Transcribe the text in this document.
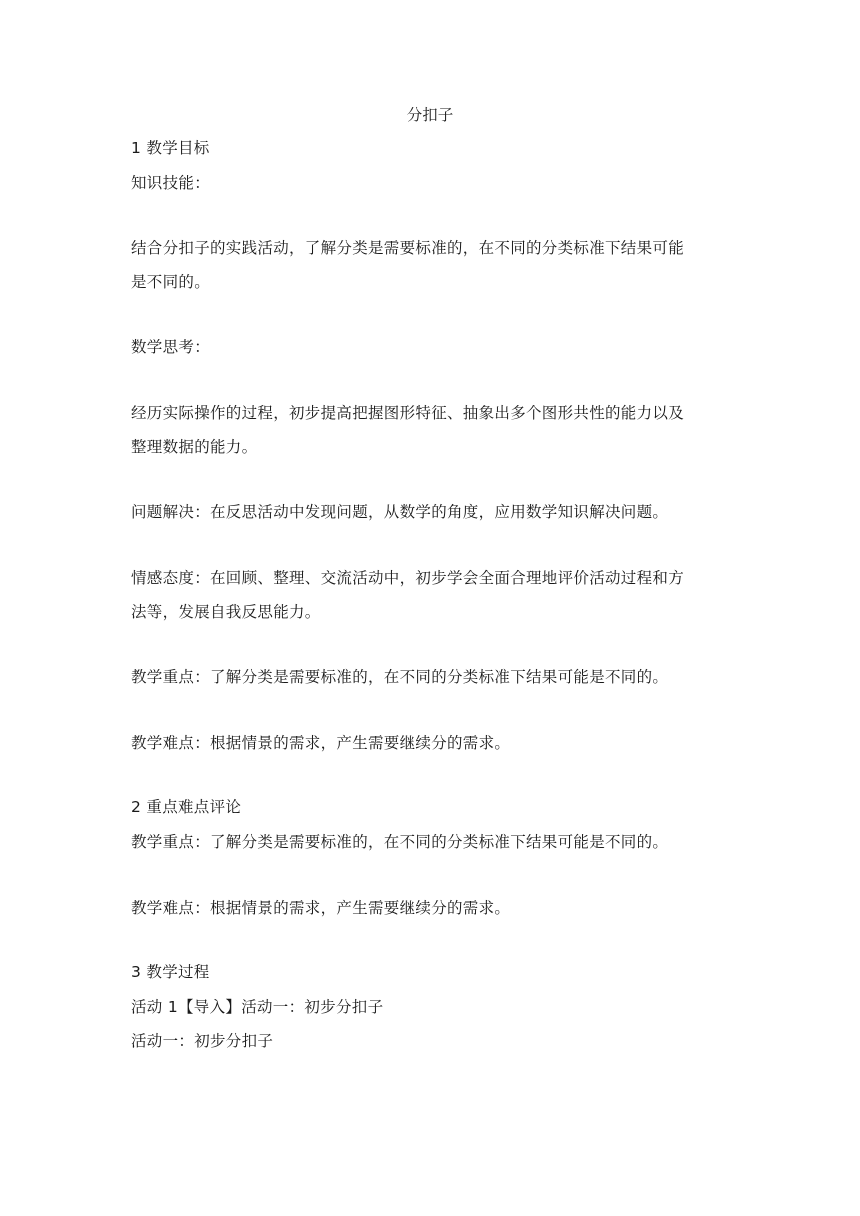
分扣子
1 教学目标
知识技能：
结合分扣子的实践活动，了解分类是需要标准的，在不同的分类标准下结果可能
是不同的。
数学思考：
经历实际操作的过程，初步提高把握图形特征、抽象出多个图形共性的能力以及
整理数据的能力。
问题解决：在反思活动中发现问题，从数学的角度，应用数学知识解决问题。
情感态度：在回顾、整理、交流活动中，初步学会全面合理地评价活动过程和方
法等，发展自我反思能力。
教学重点：了解分类是需要标准的，在不同的分类标准下结果可能是不同的。
教学难点：根据情景的需求，产生需要继续分的需求。
2 重点难点评论
教学重点：了解分类是需要标准的，在不同的分类标准下结果可能是不同的。
教学难点：根据情景的需求，产生需要继续分的需求。
3 教学过程
活动 1【导入】活动一：初步分扣子
活动一：初步分扣子
